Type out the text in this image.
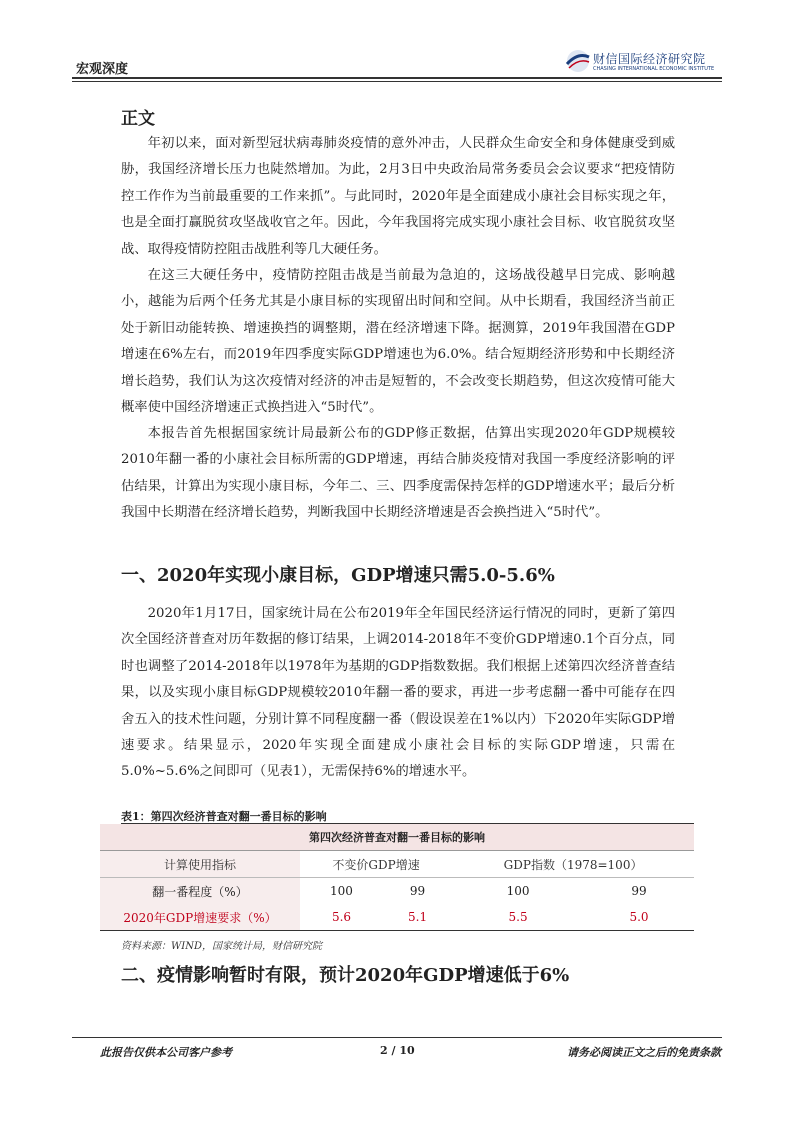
宏观深度
财信国际经济研究院
CHASING INTERNATIONAL ECONOMIC INSTITUTE
正文

年初以来，面对新型冠状病毒肺炎疫情的意外冲击，人民群众生命安全和身体健康受到威胁，我国经济增长压力也陡然增加。为此，2月3日中央政治局常务委员会会议要求“把疫情防控工作作为当前最重要的工作来抓”。与此同时，2020年是全面建成小康社会目标实现之年，也是全面打赢脱贫攻坚战收官之年。因此，今年我国将完成实现小康社会目标、收官脱贫攻坚战、取得疫情防控阻击战胜利等几大硬任务。

在这三大硬任务中，疫情防控阻击战是当前最为急迫的，这场战役越早日完成、影响越小，越能为后两个任务尤其是小康目标的实现留出时间和空间。从中长期看，我国经济当前正处于新旧动能转换、增速换挡的调整期，潜在经济增速下降。据测算，2019年我国潜在GDP增速在6%左右，而2019年四季度实际GDP增速也为6.0%。结合短期经济形势和中长期经济增长趋势，我们认为这次疫情对经济的冲击是短暂的，不会改变长期趋势，但这次疫情可能大概率使中国经济增速正式换挡进入“5时代”。

本报告首先根据国家统计局最新公布的GDP修正数据，估算出实现2020年GDP规模较2010年翻一番的小康社会目标所需的GDP增速，再结合肺炎疫情对我国一季度经济影响的评估结果，计算出为实现小康目标，今年二、三、四季度需保持怎样的GDP增速水平；最后分析我国中长期潜在经济增长趋势，判断我国中长期经济增速是否会换挡进入“5时代”。

一、2020年实现小康目标，GDP增速只需5.0-5.6%

2020年1月17日，国家统计局在公布2019年全年国民经济运行情况的同时，更新了第四次全国经济普查对历年数据的修订结果，上调2014-2018年不变价GDP增速0.1个百分点，同时也调整了2014-2018年以1978年为基期的GDP指数数据。我们根据上述第四次经济普查结果，以及实现小康目标GDP规模较2010年翻一番的要求，再进一步考虑翻一番中可能存在四舍五入的技术性问题，分别计算不同程度翻一番（假设误差在1%以内）下2020年实际GDP增速要求。结果显示，2020年实现全面建成小康社会目标的实际GDP增速，只需在5.0%~5.6%之间即可（见表1），无需保持6%的增速水平。

表1：第四次经济普查对翻一番目标的影响
第四次经济普查对翻一番目标的影响				
计算使用指标	不变价GDP增速		GDP指数（1978=100）	
翻一番程度（%）	100	99	100	99
2020年GDP增速要求（%）	5.6	5.1	5.5	5.0
资料来源：WIND，国家统计局，财信研究院
二、疫情影响暂时有限，预计2020年GDP增速低于6%
此报告仅供本公司客户参考	2 / 10	请务必阅读正文之后的免责条款
